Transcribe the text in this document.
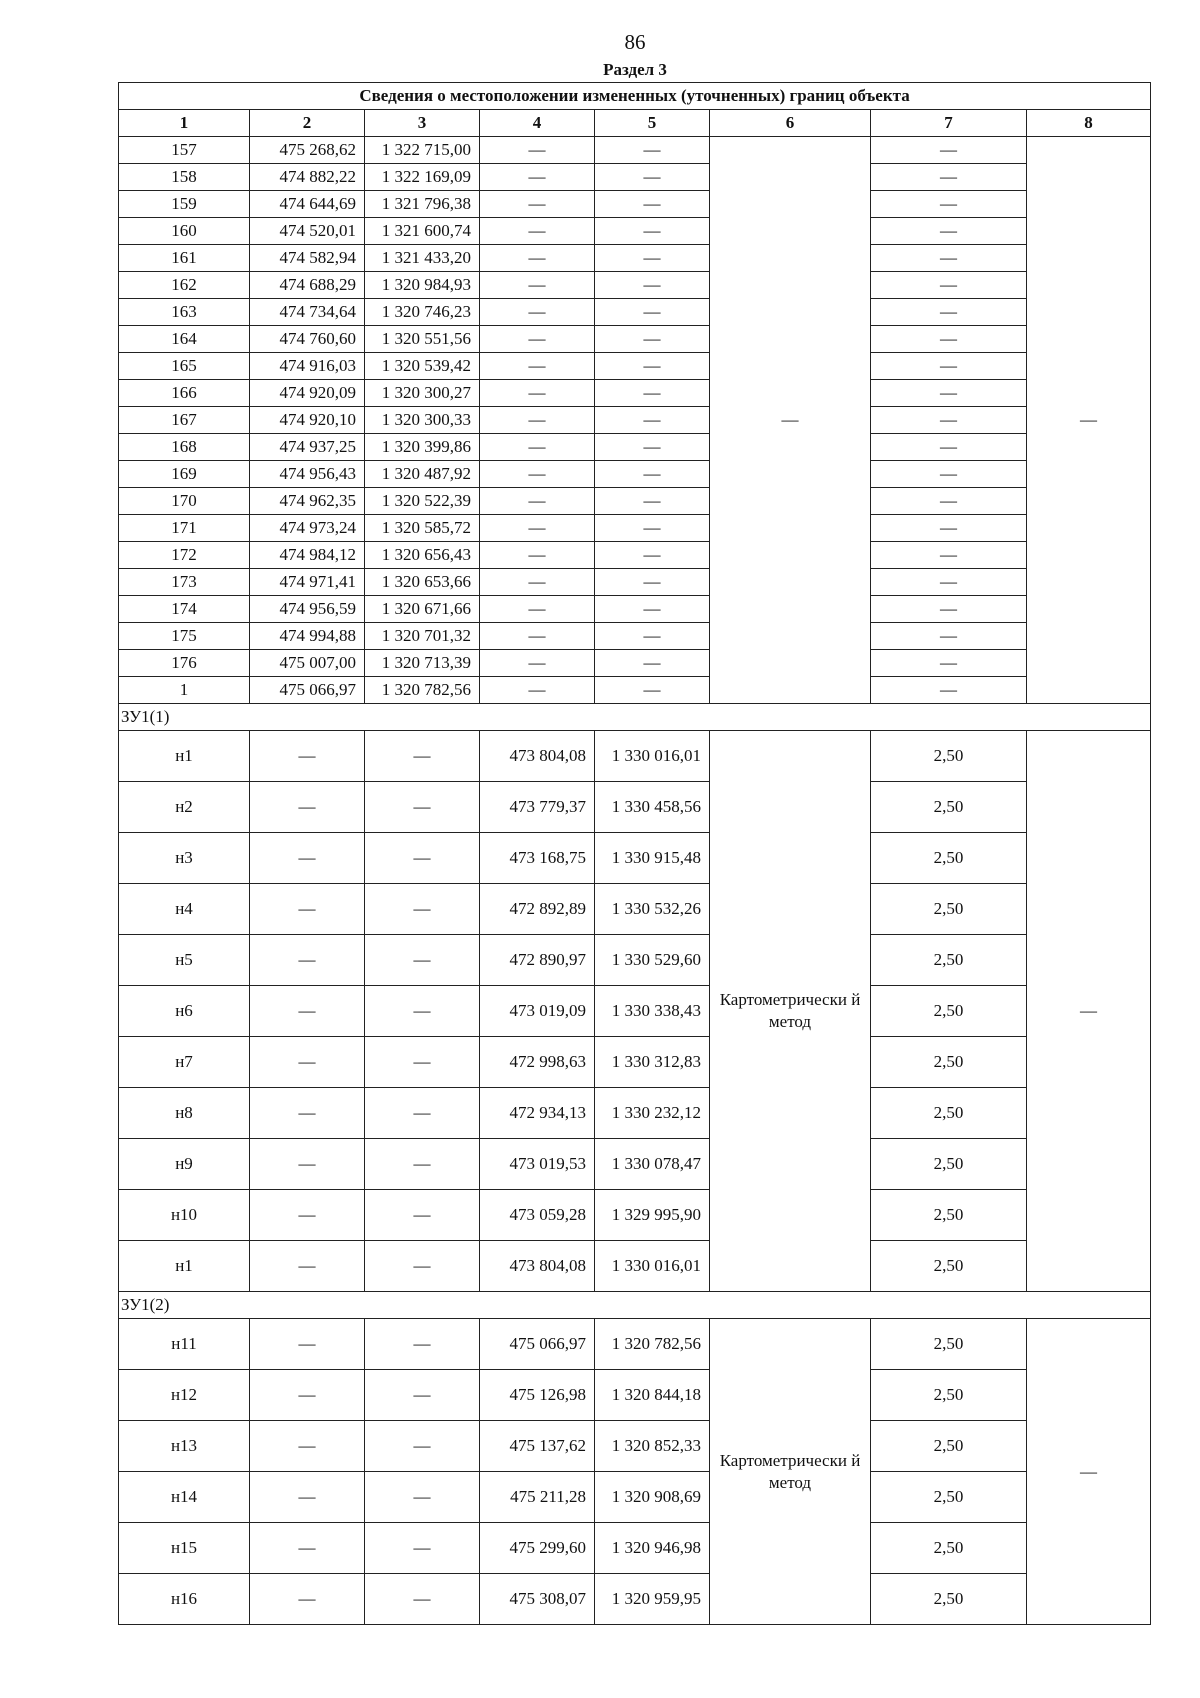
86
Раздел 3
Сведения о местоположении измененных (уточненных) границ объекта							
1	2	3	4	5	6	7	8
157	475 268,62	1 322 715,00	—	—	—	—	—
158	474 882,22	1 322 169,09	—	—		—	
159	474 644,69	1 321 796,38	—	—		—	
160	474 520,01	1 321 600,74	—	—		—	
161	474 582,94	1 321 433,20	—	—		—	
162	474 688,29	1 320 984,93	—	—		—	
163	474 734,64	1 320 746,23	—	—		—	
164	474 760,60	1 320 551,56	—	—		—	
165	474 916,03	1 320 539,42	—	—		—	
166	474 920,09	1 320 300,27	—	—		—	
167	474 920,10	1 320 300,33	—	—		—	
168	474 937,25	1 320 399,86	—	—		—	
169	474 956,43	1 320 487,92	—	—		—	
170	474 962,35	1 320 522,39	—	—		—	
171	474 973,24	1 320 585,72	—	—		—	
172	474 984,12	1 320 656,43	—	—		—	
173	474 971,41	1 320 653,66	—	—		—	
174	474 956,59	1 320 671,66	—	—		—	
175	474 994,88	1 320 701,32	—	—		—	
176	475 007,00	1 320 713,39	—	—		—	
1	475 066,97	1 320 782,56	—	—		—	
ЗУ1(1)							
н1	—	—	473 804,08	1 330 016,01	Картометрически й метод	2,50	—
н2	—	—	473 779,37	1 330 458,56		2,50	
н3	—	—	473 168,75	1 330 915,48		2,50	
н4	—	—	472 892,89	1 330 532,26		2,50	
н5	—	—	472 890,97	1 330 529,60		2,50	
н6	—	—	473 019,09	1 330 338,43		2,50	
н7	—	—	472 998,63	1 330 312,83		2,50	
н8	—	—	472 934,13	1 330 232,12		2,50	
н9	—	—	473 019,53	1 330 078,47		2,50	
н10	—	—	473 059,28	1 329 995,90		2,50	
н1	—	—	473 804,08	1 330 016,01		2,50	
ЗУ1(2)							
н11	—	—	475 066,97	1 320 782,56	Картометрически й метод	2,50	—
н12	—	—	475 126,98	1 320 844,18		2,50	
н13	—	—	475 137,62	1 320 852,33		2,50	
н14	—	—	475 211,28	1 320 908,69		2,50	
н15	—	—	475 299,60	1 320 946,98		2,50	
н16	—	—	475 308,07	1 320 959,95		2,50	
